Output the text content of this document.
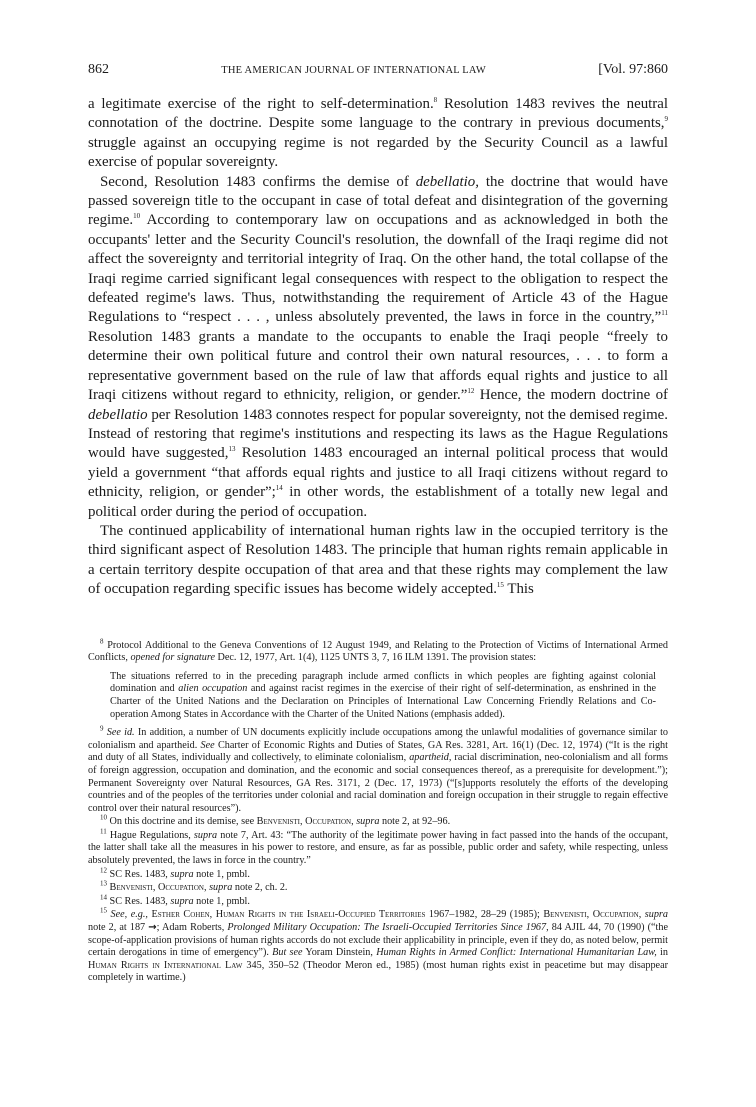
862	THE AMERICAN JOURNAL OF INTERNATIONAL LAW	[Vol. 97:860

a legitimate exercise of the right to self-determination.$^8$ Resolution 1483 revives the neutral connotation of the doctrine. Despite some language to the contrary in previous documents,$^9$ struggle against an occupying regime is not regarded by the Security Council as a lawful exercise of popular sovereignty.

Second, Resolution 1483 confirms the demise of debellatio, the doctrine that would have passed sovereign title to the occupant in case of total defeat and disintegration of the governing regime.$^{10}$ According to contemporary law on occupations and as acknowledged in both the occupants' letter and the Security Council's resolution, the downfall of the Iraqi regime did not affect the sovereignty and territorial integrity of Iraq. On the other hand, the total collapse of the Iraqi regime carried significant legal consequences with respect to the obligation to respect the defeated regime's laws. Thus, notwithstanding the requirement of Article 43 of the Hague Regulations to “respect . . . , unless absolutely prevented, the laws in force in the country,”$^{11}$ Resolution 1483 grants a mandate to the occupants to enable the Iraqi people “freely to determine their own political future and control their own natural resources, . . . to form a representative government based on the rule of law that affords equal rights and justice to all Iraqi citizens without regard to ethnicity, religion, or gender.”$^{12}$ Hence, the modern doctrine of debellatio per Resolution 1483 connotes respect for popular sovereignty, not the demised regime. Instead of restoring that regime's institutions and respecting its laws as the Hague Regulations would have suggested,$^{13}$ Resolution 1483 encouraged an internal political process that would yield a government “that affords equal rights and justice to all Iraqi citizens without regard to ethnicity, religion, or gender”;$^{14}$ in other words, the establishment of a totally new legal and political order during the period of occupation.

The continued applicability of international human rights law in the occupied territory is the third significant aspect of Resolution 1483. The principle that human rights remain applicable in a certain territory despite occupation of that area and that these rights may complement the law of occupation regarding specific issues has become widely accepted.$^{15}$ This

$^8$ Protocol Additional to the Geneva Conventions of 12 August 1949, and Relating to the Protection of Victims of International Armed Conflicts, opened for signature Dec. 12, 1977, Art. 1(4), 1125 UNTS 3, 7, 16 ILM 1391. The provision states:

The situations referred to in the preceding paragraph include armed conflicts in which peoples are fighting against colonial domination and alien occupation and against racist regimes in the exercise of their right of self-determination, as enshrined in the Charter of the United Nations and the Declaration on Principles of International Law Concerning Friendly Relations and Co-operation Among States in Accordance with the Charter of the United Nations (emphasis added).

$^9$ See id. In addition, a number of UN documents explicitly include occupations among the unlawful modalities of governance similar to colonialism and apartheid. See Charter of Economic Rights and Duties of States, GA Res. 3281, Art. 16(1) (Dec. 12, 1974) (“It is the right and duty of all States, individually and collectively, to eliminate colonialism, apartheid, racial discrimination, neo-colonialism and all forms of foreign aggression, occupation and domination, and the economic and social consequences thereof, as a prerequisite for development.”); Permanent Sovereignty over Natural Resources, GA Res. 3171, 2 (Dec. 17, 1973) (“[s]upports resolutely the efforts of the developing countries and of the peoples of the territories under colonial and racial domination and foreign occupation in their struggle to regain effective control over their natural resources”).

$^{10}$ On this doctrine and its demise, see Benvenisti, Occupation, supra note 2, at 92–96.

$^{11}$ Hague Regulations, supra note 7, Art. 43: “The authority of the legitimate power having in fact passed into the hands of the occupant, the latter shall take all the measures in his power to restore, and ensure, as far as possible, public order and safety, while respecting, unless absolutely prevented, the laws in force in the country.”

$^{12}$ SC Res. 1483, supra note 1, pmbl.

$^{13}$ Benvenisti, Occupation, supra note 2, ch. 2.

$^{14}$ SC Res. 1483, supra note 1, pmbl.

$^{15}$ See, e.g., Esther Cohen, Human Rights in the Israeli-Occupied Territories 1967–1982, 28–29 (1985); Benvenisti, Occupation, supra note 2, at 187 →; Adam Roberts, Prolonged Military Occupation: The Israeli-Occupied Territories Since 1967, 84 AJIL 44, 70 (1990) (“the scope-of-application provisions of human rights accords do not exclude their applicability in principle, even if they do, as noted below, permit certain derogations in time of emergency”). But see Yoram Dinstein, Human Rights in Armed Conflict: International Humanitarian Law, in Human Rights in International Law 345, 350–52 (Theodor Meron ed., 1985) (most human rights exist in peacetime but may disappear completely in wartime.)
